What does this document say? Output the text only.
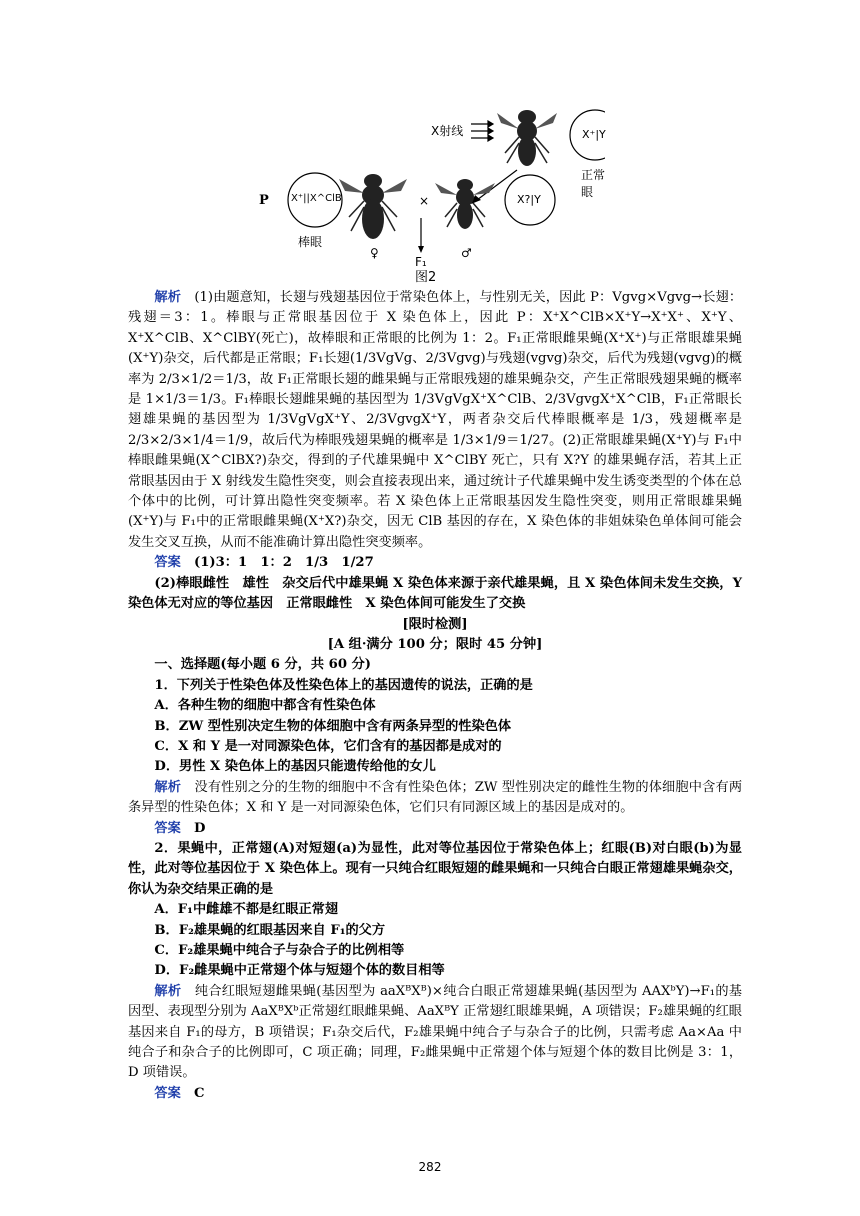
X射线
P X⁺||X^ClB
棒眼
×	X?|Y
X⁺|Y
正常眼
♀	♂
F₁
图2

解析　 (1)由题意知，长翅与残翅基因位于常染色体上，与性别无关，因此 P：Vgvg×Vgvg→长翅：残翅＝3：1。棒眼与正常眼基因位于 X 染色体上，因此 P：X⁺X^ClB×X⁺Y→X⁺X⁺、X⁺Y、X⁺X^ClB、X^ClBY(死亡)，故棒眼和正常眼的比例为 1：2。F₁正常眼雌果蝇(X⁺X⁺)与正常眼雄果蝇(X⁺Y)杂交，后代都是正常眼；F₁长翅(1/3VgVg、2/3Vgvg)与残翅(vgvg)杂交，后代为残翅(vgvg)的概率为 2/3×1/2＝1/3，故 F₁正常眼长翅的雌果蝇与正常眼残翅的雄果蝇杂交，产生正常眼残翅果蝇的概率是 1×1/3＝1/3。F₁棒眼长翅雌果蝇的基因型为 1/3VgVgX⁺X^ClB、2/3VgvgX⁺X^ClB，F₁正常眼长翅雄果蝇的基因型为 1/3VgVgX⁺Y、2/3VgvgX⁺Y，两者杂交后代棒眼概率是 1/3，残翅概率是 2/3×2/3×1/4＝1/9，故后代为棒眼残翅果蝇的概率是 1/3×1/9＝1/27。(2)正常眼雄果蝇(X⁺Y)与 F₁中棒眼雌果蝇(X^ClBX?)杂交，得到的子代雄果蝇中 X^ClBY 死亡，只有 X?Y 的雄果蝇存活，若其上正常眼基因由于 X 射线发生隐性突变，则会直接表现出来，通过统计子代雄果蝇中发生诱变类型的个体在总个体中的比例，可计算出隐性突变频率。若 X 染色体上正常眼基因发生隐性突变，则用正常眼雄果蝇(X⁺Y)与 F₁中的正常眼雌果蝇(X⁺X?)杂交，因无 ClB 基因的存在，X 染色体的非姐妹染色单体间可能会发生交叉互换，从而不能准确计算出隐性突变频率。

答案　 (1)3：1　1：2　1/3　1/27

(2)棒眼雌性　雄性　杂交后代中雄果蝇 X 染色体来源于亲代雄果蝇，且 X 染色体间未发生交换，Y 染色体无对应的等位基因　正常眼雌性　X 染色体间可能发生了交换

[限时检测]

[A 组·满分 100 分；限时 45 分钟]

一、选择题(每小题 6 分，共 60 分)

1．下列关于性染色体及性染色体上的基因遗传的说法，正确的是

A．各种生物的细胞中都含有性染色体

B．ZW 型性别决定生物的体细胞中含有两条异型的性染色体

C．X 和 Y 是一对同源染色体，它们含有的基因都是成对的

D．男性 X 染色体上的基因只能遗传给他的女儿

解析　 没有性别之分的生物的细胞中不含有性染色体；ZW 型性别决定的雌性生物的体细胞中含有两条异型的性染色体；X 和 Y 是一对同源染色体，它们只有同源区域上的基因是成对的。

答案　 D

2．果蝇中，正常翅(A)对短翅(a)为显性，此对等位基因位于常染色体上；红眼(B)对白眼(b)为显性，此对等位基因位于 X 染色体上。现有一只纯合红眼短翅的雌果蝇和一只纯合白眼正常翅雄果蝇杂交，你认为杂交结果正确的是

A．F₁中雌雄不都是红眼正常翅

B．F₂雄果蝇的红眼基因来自 F₁的父方

C．F₂雄果蝇中纯合子与杂合子的比例相等

D．F₂雌果蝇中正常翅个体与短翅个体的数目相等

解析　 纯合红眼短翅雌果蝇(基因型为 aaXᴮXᴮ)×纯合白眼正常翅雄果蝇(基因型为 AAXᵇY)→F₁的基因型、表现型分别为 AaXᴮXᵇ正常翅红眼雌果蝇、AaXᴮY 正常翅红眼雄果蝇，A 项错误；F₂雄果蝇的红眼基因来自 F₁的母方，B 项错误；F₁杂交后代，F₂雄果蝇中纯合子与杂合子的比例，只需考虑 Aa×Aa 中纯合子和杂合子的比例即可，C 项正确；同理，F₂雌果蝇中正常翅个体与短翅个体的数目比例是 3：1，D 项错误。

答案　 C

282
